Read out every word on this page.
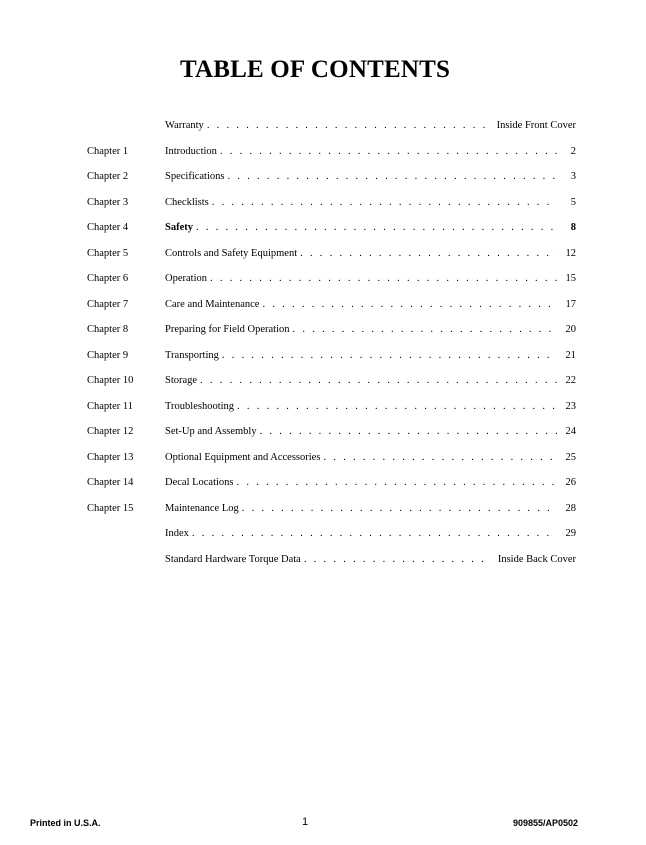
TABLE OF CONTENTS
Warranty . . .	Inside Front Cover
Chapter 1	Introduction . . .	2
Chapter 2	Specifications . . .	3
Chapter 3	Checklists . . .	5
Chapter 4	Safety . . .	8
Chapter 5	Controls and Safety Equipment . . .	12
Chapter 6	Operation . . .	15
Chapter 7	Care and Maintenance . . .	17
Chapter 8	Preparing for Field Operation . . .	20
Chapter 9	Transporting . . .	21
Chapter 10	Storage . . .	22
Chapter 11	Troubleshooting . . .	23
Chapter 12	Set-Up and Assembly . . .	24
Chapter 13	Optional Equipment and Accessories . . .	25
Chapter 14	Decal Locations . . .	26
Chapter 15	Maintenance Log . . .	28
Index . . .	29
Standard Hardware Torque Data . . .	Inside Back Cover
Printed in U.S.A.	1	909855/AP0502
